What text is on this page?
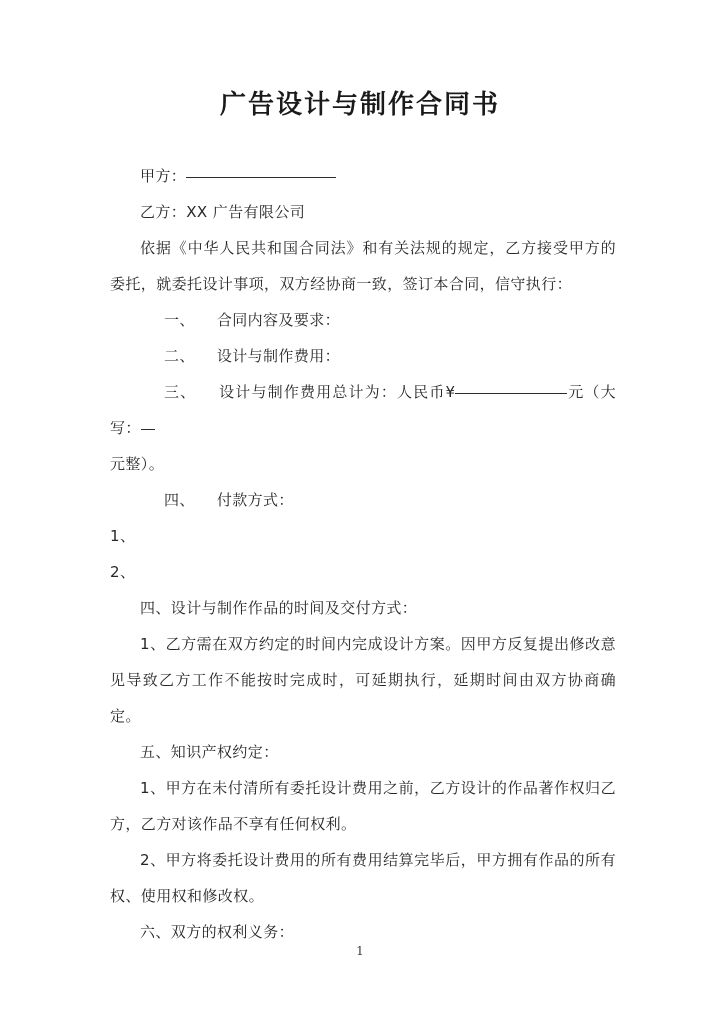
广告设计与制作合同书

甲方：

乙方：XX 广告有限公司

依据《中华人民共和国合同法》和有关法规的规定，乙方接受甲方的委托，就委托设计事项，双方经协商一致，签订本合同，信守执行：

一、 合同内容及要求：

二、 设计与制作费用：

三、 设计与制作费用总计为：人民币¥	元（大写：

元整）。

四、 付款方式：

1、

2、

四、设计与制作作品的时间及交付方式：

1、乙方需在双方约定的时间内完成设计方案。因甲方反复提出修改意见导致乙方工作不能按时完成时，可延期执行，延期时间由双方协商确定。

五、知识产权约定：

1、甲方在未付清所有委托设计费用之前，乙方设计的作品著作权归乙方，乙方对该作品不享有任何权利。

2、甲方将委托设计费用的所有费用结算完毕后，甲方拥有作品的所有权、使用权和修改权。

六、双方的权利义务：

1
